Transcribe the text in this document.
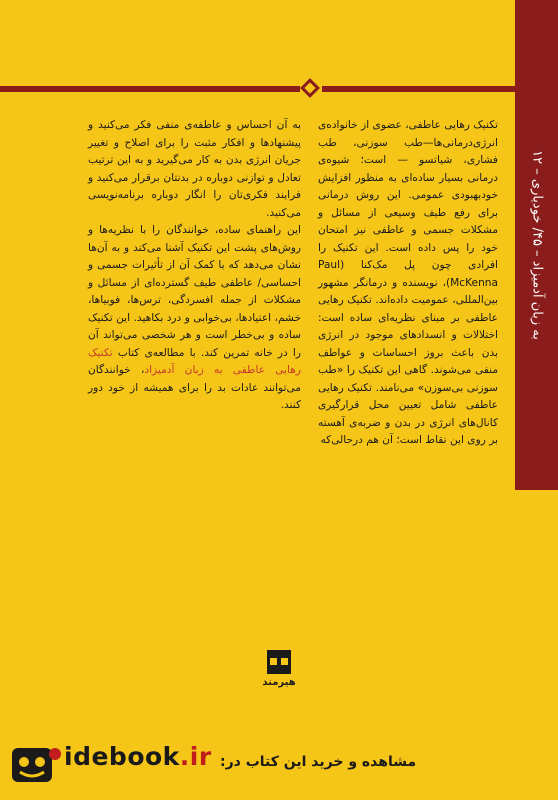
به زبان آدمیزاد – ۴۵/ خودیاری – ۱۲

تکنیک رهایی عاطفی، عضوی از خانواده‌ی انرژی‌درمانی‌ها—طب سوزنی، طب فشاری، شیاتسو — است؛ شیوه‌ی درمانی بسیار ساده‌ای به منظور افزایش خودبهبودی عمومی. این روش درمانی برای رفع طیف وسیعی از مسائل و مشکلات جسمی و عاطفی نیز امتحان خود را پس داده است. این تکنیک را افرادی چون پل مک‌کنا (Paul McKenna)، نویسنده و درمانگر مشهور بین‌المللی، عمومیت داده‌اند. تکنیک رهایی عاطفی بر مبنای نظریه‌ای ساده است: اختلالات و انسدادهای موجود در انرژی بدن باعث بروز احساسات و عواطف منفی می‌شوند. گاهی این تکنیک را «طب سوزنی بی‌سوزن» می‌نامند. تکنیک رهایی عاطفی شامل تعیین محل قرارگیری کانال‌های انرژی در بدن و ضربه‌ی آهسته بر روی این نقاط است؛ آن هم درحالی‌که

به آن احساس و عاطفه‌ی منفی فکر می‌کنید و پیشنهادها و افکار مثبت را برای اصلاح و تغییر جریان انرژی بدن به کار می‌گیرید و به این ترتیب تعادل و توازنی دوباره در بدنتان برقرار می‌کنید و فرایند فکری‌تان را انگار دوباره برنامه‌نویسی می‌کنید.

این راهنمای ساده، خوانندگان را با نظریه‌ها و روش‌های پشت این تکنیک آشنا می‌کند و به آن‌ها نشان می‌دهد که با کمک آن از تأثیرات جسمی و احساسی/ عاطفی طیف گسترده‌ای از مسائل و مشکلات از جمله افسردگی، ترس‌ها، فوبیاها، خشم، اعتیادها، بی‌خوابی و درد بکاهید. این تکنیک ساده و بی‌خطر است و هر شخصی می‌تواند آن را در خانه تمرین کند. با مطالعه‌ی کتاب تکنیک رهایی عاطفی به زبان آدمیزاد، خوانندگان می‌توانند عادات بد را برای همیشه از خود دور کنند.

هیرمند
idebook.ir مشاهده و خرید این کتاب در:
